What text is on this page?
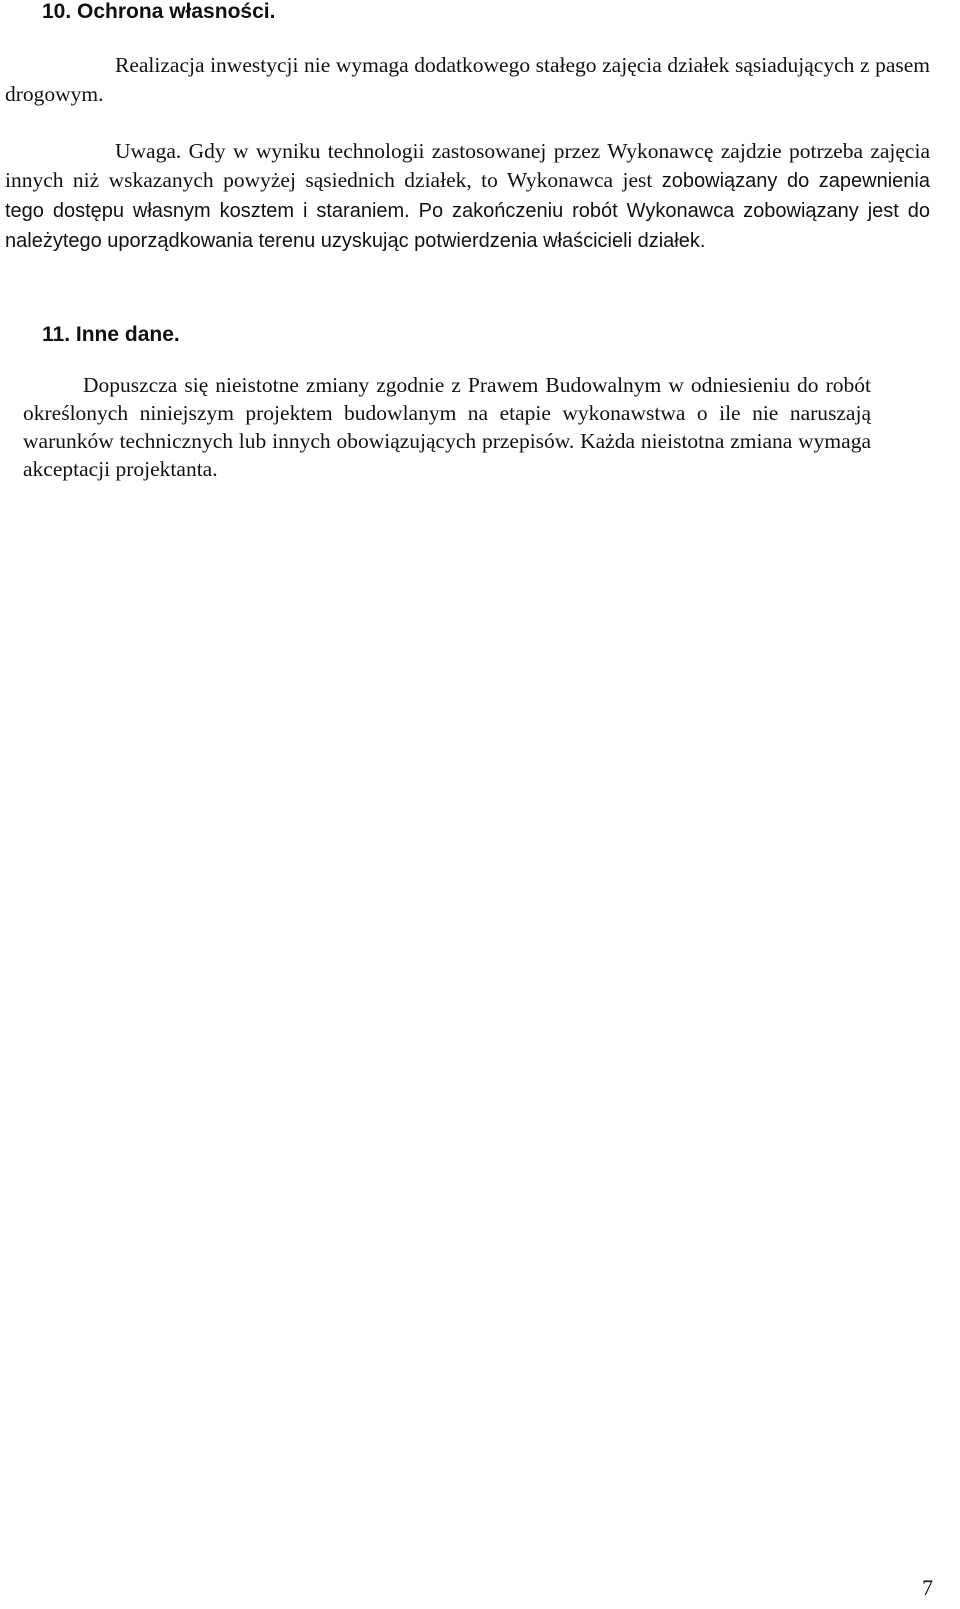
10. Ochrona własności.

Realizacja inwestycji nie wymaga dodatkowego stałego zajęcia działek sąsiadujących z pasem drogowym.

Uwaga. Gdy w wyniku technologii zastosowanej przez Wykonawcę zajdzie potrzeba zajęcia innych niż wskazanych powyżej sąsiednich działek, to Wykonawca jest zobowiązany do zapewnienia tego dostępu własnym kosztem i staraniem. Po zakończeniu robót Wykonawca zobowiązany jest do należytego uporządkowania terenu uzyskując potwierdzenia właścicieli działek.

11. Inne dane.

Dopuszcza się nieistotne zmiany zgodnie z Prawem Budowalnym w odniesieniu do robót określonych niniejszym projektem budowlanym na etapie wykonawstwa o ile nie naruszają warunków technicznych lub innych obowiązujących przepisów. Każda nieistotna zmiana wymaga akceptacji projektanta.

7
